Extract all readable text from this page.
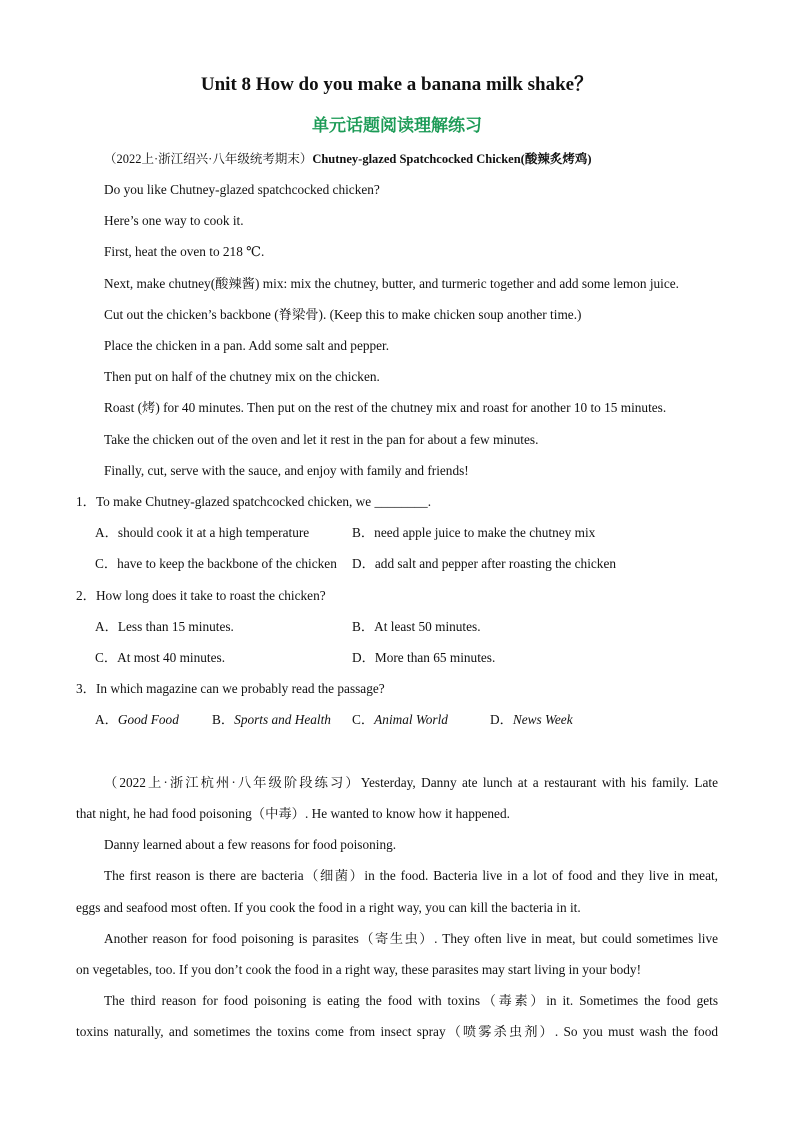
Unit 8 How do you make a banana milk shake？
单元话题阅读理解练习
（2022上·浙江绍兴·八年级统考期末）Chutney-glazed Spatchcocked Chicken(酸辣炙烤鸡)
Do you like Chutney-glazed spatchcocked chicken?
Here’s one way to cook it.
First, heat the oven to 218 ℃.
Next, make chutney(酸辣酱) mix: mix the chutney, butter, and turmeric together and add some lemon juice.
Cut out the chicken’s backbone (脊梁骨). (Keep this to make chicken soup another time.)
Place the chicken in a pan. Add some salt and pepper.
Then put on half of the chutney mix on the chicken.
Roast (烤) for 40 minutes. Then put on the rest of the chutney mix and roast for another 10 to 15 minutes.
Take the chicken out of the oven and let it rest in the pan for about a few minutes.
Finally, cut, serve with the sauce, and enjoy with family and friends!
1．To make Chutney-glazed spatchcocked chicken, we ________.
A．should cook it at a high temperature	B．need apple juice to make the chutney mix
C．have to keep the backbone of the chicken D．add salt and pepper after roasting the chicken
2．How long does it take to roast the chicken?
A．Less than 15 minutes.	B．At least 50 minutes.
C．At most 40 minutes.	D．More than 65 minutes.
3．In which magazine can we probably read the passage?
A．Good Food B．Sports and Health C．Animal World	D．News Week
（2022上·浙江杭州·八年级阶段练习）Yesterday, Danny ate lunch at a restaurant with his family. Late
that night, he had food poisoning（中毒）. He wanted to know how it happened.
Danny learned about a few reasons for food poisoning.
The first reason is there are bacteria（细菌）in the food. Bacteria live in a lot of food and they live in meat,
eggs and seafood most often. If you cook the food in a right way, you can kill the bacteria in it.
Another reason for food poisoning is parasites（寄生虫）. They often live in meat, but could sometimes live
on vegetables, too. If you don’t cook the food in a right way, these parasites may start living in your body!
The third reason for food poisoning is eating the food with toxins（毒素）in it. Sometimes the food gets
toxins naturally, and sometimes the toxins come from insect spray（喷雾杀虫剂）. So you must wash the food
